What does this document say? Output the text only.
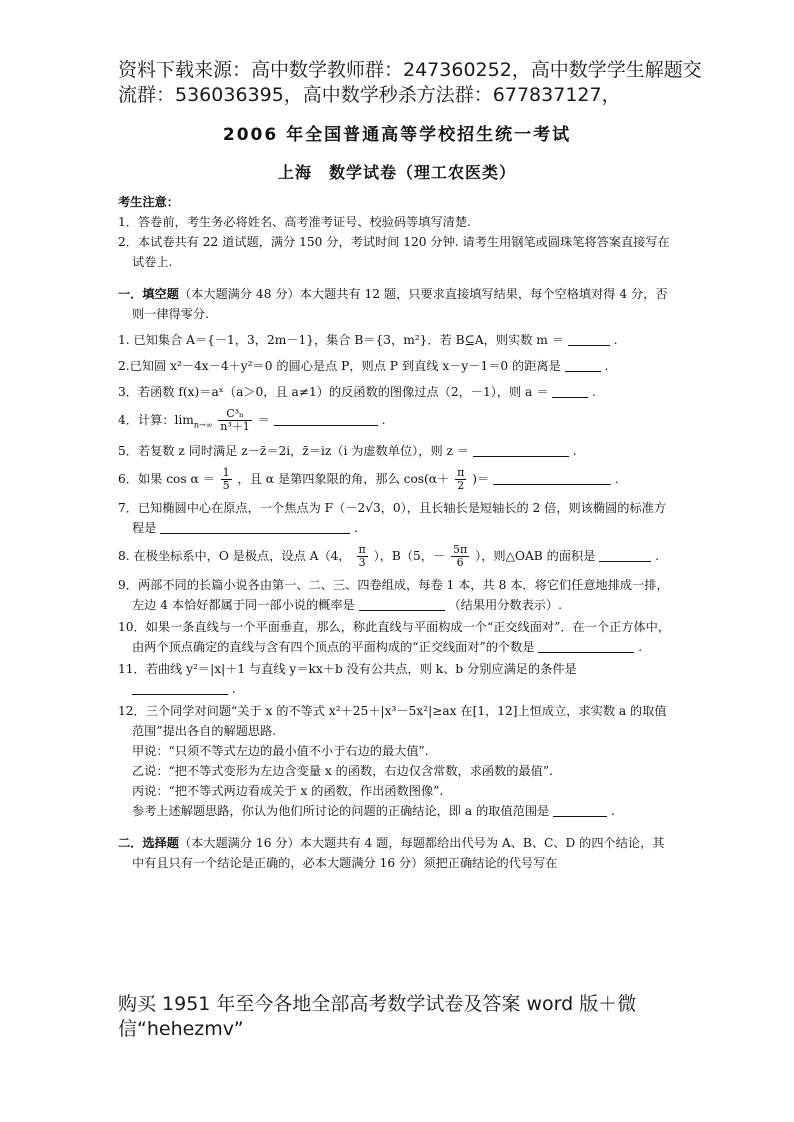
资料下载来源：高中数学教师群：247360252，高中数学学生解题交流群：536036395，高中数学秒杀方法群：677837127，
2006 年全国普通高等学校招生统一考试
上海　数学试卷（理工农医类）

考生注意：

1．答卷前，考生务必将姓名、高考准考证号、校验码等填写清楚.

2．本试卷共有 22 道试题，满分 150 分，考试时间 120 分钟. 请考生用钢笔或圆珠笔将答案直接写在试卷上.

一．填空题（本大题满分 48 分）本大题共有 12 题，只要求直接填写结果，每个空格填对得 4 分，否则一律得零分.

1. 已知集合 A＝{－1，3，2m－1}，集合 B＝{3，m²}．若 B⊆A，则实数 m ＝	.

2.已知圆 x²－4x－4＋y²＝0 的圆心是点 P，则点 P 到直线 x－y－1＝0 的距离是	.

3．若函数 f(x)＝aˣ（a＞0，且 a≠1）的反函数的图像过点（2，－1），则 a ＝	.

4．计算：$\lim_{n\to\infty} \frac{\text{C³ₙ}}{\text{n³＋1}}$ ＝	.

5．若复数 z 同时满足 z－z̄＝2i，z̄＝iz（i 为虚数单位），则 z ＝	.

6．如果 $\cos \alpha = \frac{1}{5}$ ，且 α 是第四象限的角，那么 $\cos(\alpha+ \frac{\pi}{2}$ )＝	.

7．已知椭圆中心在原点，一个焦点为 F（－2√3，0），且长轴长是短轴长的 2 倍，则该椭圆的标准方程是	.

8. 在极坐标系中，O 是极点，设点 A（4， $\frac{\pi}{3}$ ），B（5，－ $\frac{5\pi}{6}$ ），则△OAB 的面积是	.

9．两部不同的长篇小说各由第一、二、三、四卷组成，每卷 1 本，共 8 本．将它们任意地排成一排，左边 4 本恰好都属于同一部小说的概率是	（结果用分数表示）.

10．如果一条直线与一个平面垂直，那么，称此直线与平面构成一个“正交线面对”．在一个正方体中，由两个顶点确定的直线与含有四个顶点的平面构成的“正交线面对”的个数是	.

11．若曲线 y²＝|x|＋1 与直线 y＝kx＋b 没有公共点，则 k、b 分别应满足的条件是  .

12．三个同学对问题“关于 x 的不等式 x²＋25＋|x³－5x²|≥ax 在[1，12]上恒成立，求实数 a 的取值范围”提出各自的解题思路.

甲说：“只须不等式左边的最小值不小于右边的最大值”.

乙说：“把不等式变形为左边含变量 x 的函数，右边仅含常数，求函数的最值”.

丙说：“把不等式两边看成关于 x 的函数，作出函数图像”.

参考上述解题思路，你认为他们所讨论的问题的正确结论，即 a 的取值范围是	.

二．选择题（本大题满分 16 分）本大题共有 4 题，每题都给出代号为 A、B、C、D 的四个结论，其中有且只有一个结论是正确的，必本大题满分 16 分）须把正确结论的代号写在

购买 1951 年至今各地全部高考数学试卷及答案 word 版＋微信“hehezmv”
